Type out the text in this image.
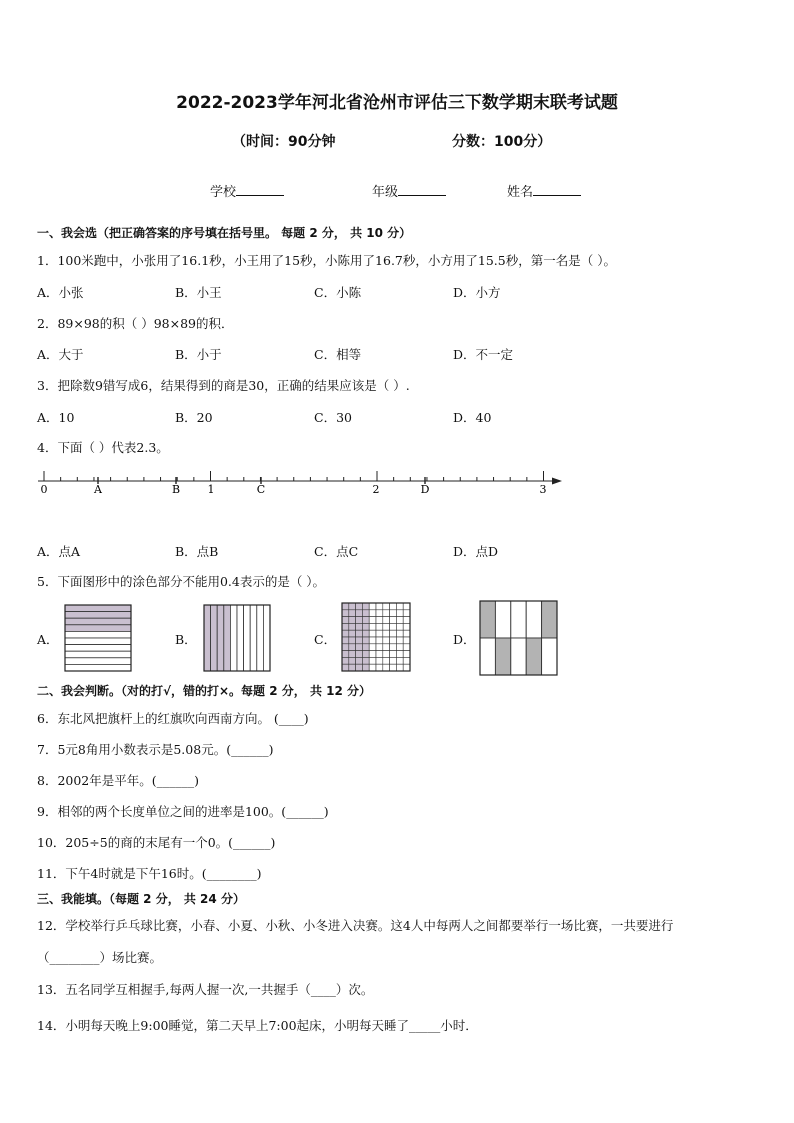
2022-2023学年河北省沧州市评估三下数学期末联考试题
（时间：90分钟	分数：100分）
学校	年级	姓名
一、我会选（把正确答案的序号填在括号里。 每题 2 分， 共 10 分）
1．100米跑中，小张用了16.1秒，小王用了15秒，小陈用了16.7秒，小方用了15.5秒，第一名是（ ）。
A．小张	B．小王	C．小陈	D．小方
2．89×98的积（ ）98×89的积．
A．大于	B．小于	C．相等	D．不一定
3．把除数9错写成6，结果得到的商是30，正确的结果应该是（ ）.
A．10	B．20	C．30	D．40
4．下面（ ）代表2.3。
0	1	2	3
A	B	C	D
A．点A	B．点B	C．点C	D．点D
5．下面图形中的涂色部分不能用0.4表示的是（ ）。
A．	B．	C．	D．
二、我会判断。（对的打√，错的打×。每题 2 分， 共 12 分）
6．东北风把旗杆上的红旗吹向西南方向。 (____)
7．5元8角用小数表示是5.08元。(______)
8．2002年是平年。(______)
9．相邻的两个长度单位之间的进率是100。(______)
10．205÷5的商的末尾有一个0。(______)
11．下午4时就是下午16时。(________)
三、我能填。（每题 2 分， 共 24 分）
12．学校举行乒乓球比赛，小春、小夏、小秋、小冬进入决赛。这4人中每两人之间都要举行一场比赛，一共要进行
（________）场比赛。
13．五名同学互相握手,每两人握一次,一共握手（____）次。
14．小明每天晚上9:00睡觉，第二天早上7:00起床，小明每天睡了_____小时．
